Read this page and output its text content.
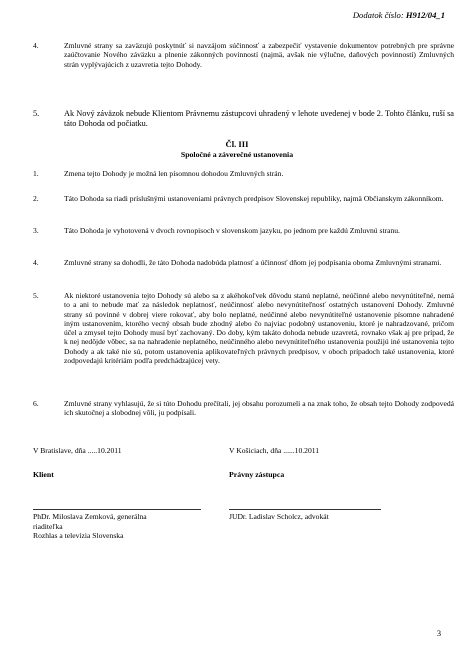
Dodatok číslo: H912/04_1
4.	Zmluvné strany sa zaväzujú poskytnúť si navzájom súčinnosť a zabezpečiť vystavenie dokumentov potrebných pre správne zaúčtovanie Nového záväzku a plnenie zákonných povinností (najmä, avšak nie výlučne, daňových povinností) Zmluvných strán vyplývajúcich z uzavretia tejto Dohody.
5.	Ak Nový záväzok nebude Klientom Právnemu zástupcovi uhradený v lehote uvedenej v bode 2. Tohto článku, ruší sa táto Dohoda od počiatku.
Čl. III
Spoločné a záverečné ustanovenia
1.	Zmena tejto Dohody je možná len písomnou dohodou Zmluvných strán.
2.	Táto Dohoda sa riadi príslušnými ustanoveniami právnych predpisov Slovenskej republiky, najmä Občianskym zákonníkom.
3.	Táto Dohoda je vyhotovená v dvoch rovnopisoch v slovenskom jazyku, po jednom pre každú Zmluvnú stranu.
4.	Zmluvné strany sa dohodli, že táto Dohoda nadobúda platnosť a účinnosť dňom jej podpísania oboma Zmluvnými stranami.
5.	Ak niektoré ustanovenia tejto Dohody sú alebo sa z akéhokoľvek dôvodu stanú neplatné, neúčinné alebo nevynútiteľné, nemá to a ani to nebude mať za následok neplatnosť, neúčinnosť alebo nevynútiteľnosť ostatných ustanovení Dohody. Zmluvné strany sú povinné v dobrej viere rokovať, aby bolo neplatné, neúčinné alebo nevynútiteľné ustanovenie písomne nahradené iným ustanovením, ktorého vecný obsah bude zhodný alebo čo najviac podobný ustanoveniu, ktoré je nahradzované, pričom účel a zmysel tejto Dohody musí byť zachovaný. Do doby, kým takáto dohoda nebude uzavretá, rovnako však aj pre prípad, že k nej nedôjde vôbec, sa na nahradenie neplatného, neúčinného alebo nevynútiteľného ustanovenia použijú iné ustanovenia tejto Dohody a ak také nie sú, potom ustanovenia aplikovateľných právnych predpisov, v oboch prípadoch také ustanovenia, ktoré zodpovedajú kritériám podľa predchádzajúcej vety.
6.	Zmluvné strany vyhlasujú, že si túto Dohodu prečítali, jej obsahu porozumeli a na znak toho, že obsah tejto Dohody zodpovedá ich skutočnej a slobodnej vôli, ju podpísali.
V Bratislave, dňa .....10.2011	V Košiciach, dňa ......10.2011
Klient	Právny zástupca
PhDr. Miloslava Zemková, generálna
riaditeľka
Rozhlas a televízia Slovenska
JUDr. Ladislav Scholcz, advokát
3
